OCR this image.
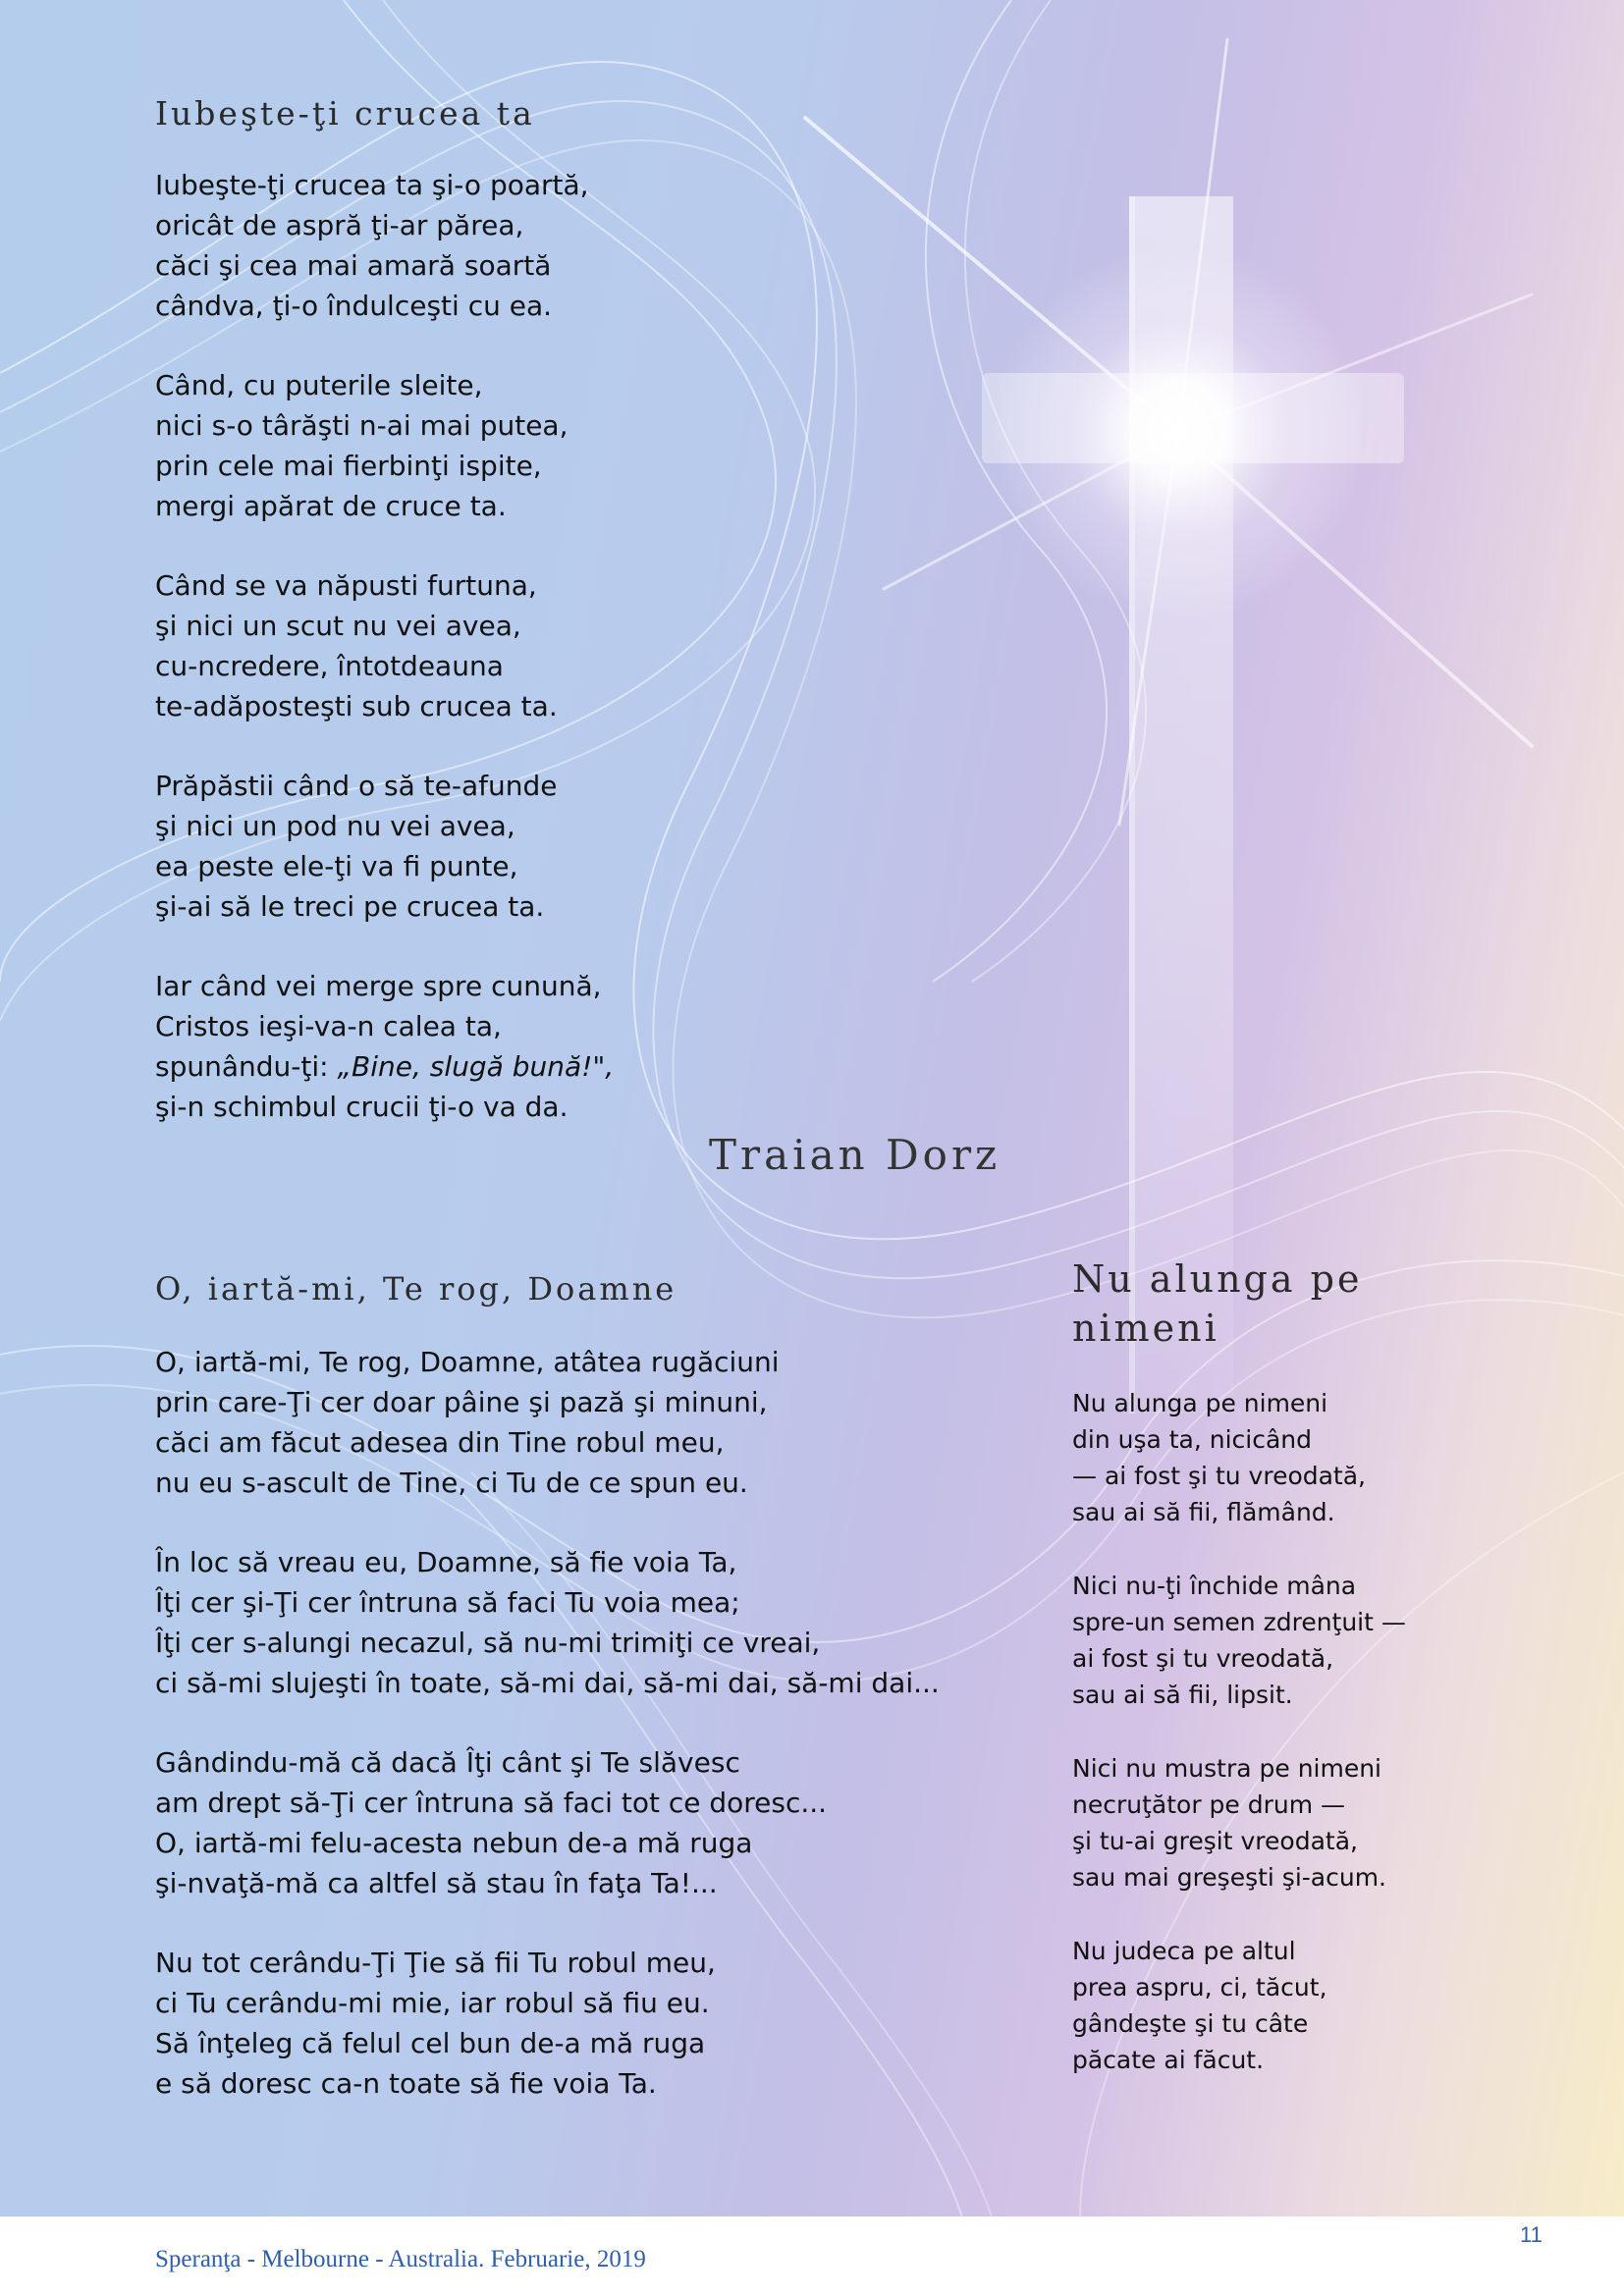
Iubeşte-ţi crucea ta

Iubeşte-ţi crucea ta şi-o poartă,
oricât de aspră ţi-ar părea,
căci şi cea mai amară soartă
cândva, ţi-o îndulceşti cu ea.

Când, cu puterile sleite,
nici s-o târăşti n-ai mai putea,
prin cele mai fierbinţi ispite,
mergi apărat de cruce ta.

Când se va năpusti furtuna,
şi nici un scut nu vei avea,
cu-ncredere, întotdeauna
te-adăposteşti sub crucea ta.

Prăpăstii când o să te-afunde
şi nici un pod nu vei avea,
ea peste ele-ţi va fi punte,
şi-ai să le treci pe crucea ta.

Iar când vei merge spre cunună,
Cristos ieşi-va-n calea ta,
spunându-ţi: „Bine, slugă bună!",
şi-n schimbul crucii ţi-o va da.

Traian Dorz
O, iartă-mi, Te rog, Doamne

O, iartă-mi, Te rog, Doamne, atâtea rugăciuni
prin care-Ţi cer doar pâine şi pază şi minuni,
căci am făcut adesea din Tine robul meu,
nu eu s-ascult de Tine, ci Tu de ce spun eu.

În loc să vreau eu, Doamne, să fie voia Ta,
Îţi cer şi-Ţi cer întruna să faci Tu voia mea;
Îţi cer s-alungi necazul, să nu-mi trimiţi ce vreai,
ci să-mi slujeşti în toate, să-mi dai, să-mi dai, să-mi dai...

Gândindu-mă că dacă Îţi cânt şi Te slăvesc
am drept să-Ţi cer întruna să faci tot ce doresc...
O, iartă-mi felu-acesta nebun de-a mă ruga
şi-nvaţă-mă ca altfel să stau în faţa Ta!...

Nu tot cerându-Ţi Ţie să fii Tu robul meu,
ci Tu cerându-mi mie, iar robul să fiu eu.
Să înţeleg că felul cel bun de-a mă ruga
e să doresc ca-n toate să fie voia Ta.

Nu alunga pe
nimeni

Nu alunga pe nimeni
din uşa ta, nicicând
— ai fost şi tu vreodată,
sau ai să fii, flămând.

Nici nu-ţi închide mâna
spre-un semen zdrenţuit —
ai fost şi tu vreodată,
sau ai să fii, lipsit.

Nici nu mustra pe nimeni
necruţător pe drum —
şi tu-ai greşit vreodată,
sau mai greşeşti şi-acum.

Nu judeca pe altul
prea aspru, ci, tăcut,
gândeşte şi tu câte
păcate ai făcut.

11
Speranţa - Melbourne - Australia. Februarie, 2019
